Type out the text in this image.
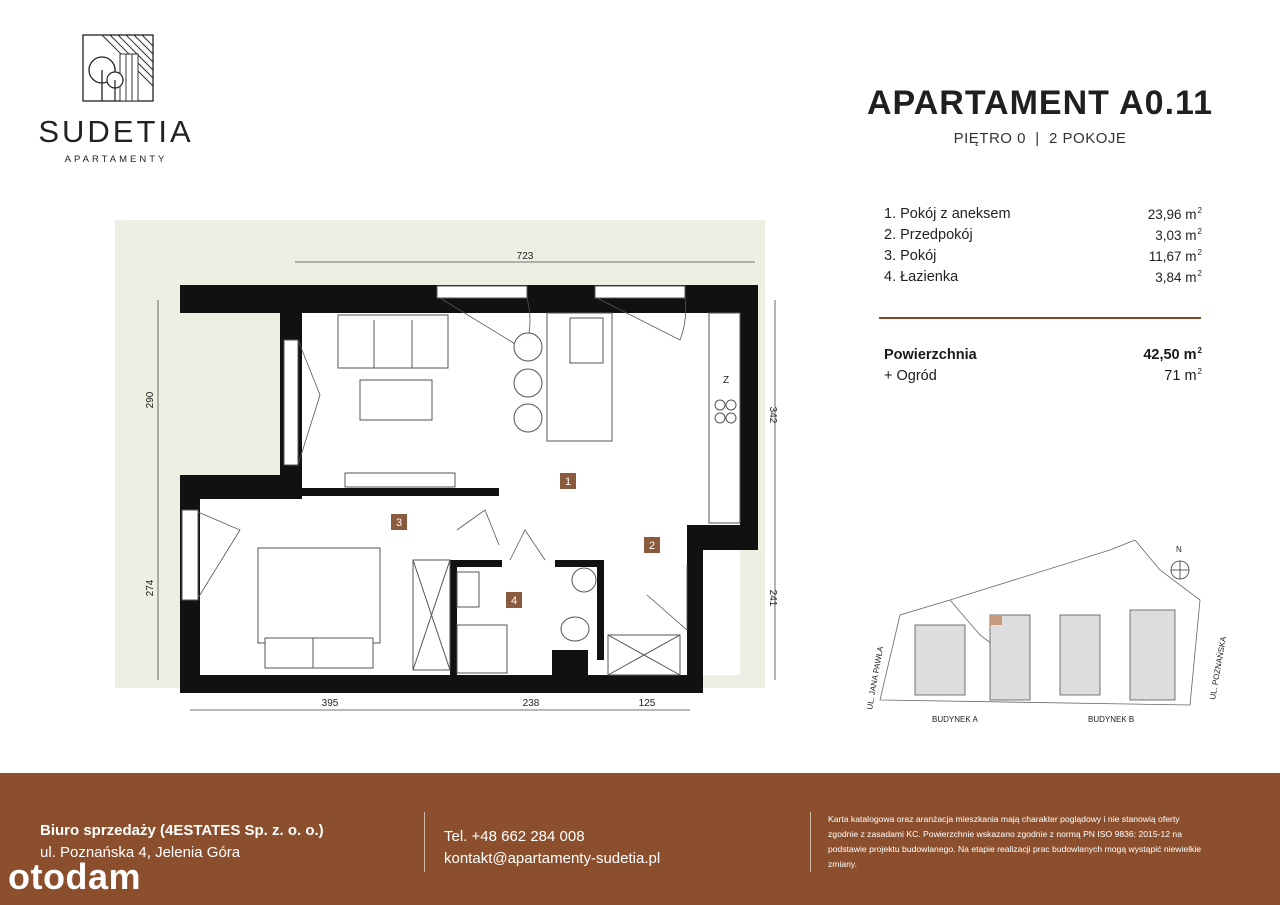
SUDETIA
APARTAMENTY
APARTAMENT A0.11
PIĘTRO 0  |  2 POKOJE
1. Pokój z aneksem	23,96 $m^2$
2. Przedpokój	3,03 $m^2$
3. Pokój	11,67 $m^2$
4. Łazienka	3,84 $m^2$
Powierzchnia	42,50 $m^2$
+ Ogród	71 $m^2$
Z
1
2
3
4
723
290
274
342
241
395	238	125
N
UL. JANA PAWŁA	UL. POZNAŃSKA
BUDYNEK A	BUDYNEK B
Biuro sprzedaży (4ESTATES Sp. z. o. o.)
ul. Poznańska 4, Jelenia Góra
Tel. +48 662 284 008
kontakt@apartamenty-sudetia.pl
Karta katalogowa oraz aranżacja mieszkania mają charakter poglądowy i nie stanowią oferty zgodnie z zasadami KC. Powierzchnie wskazano zgodnie z normą PN ISO 9836: 2015-12 na podstawie projektu budowlanego. Na etapie realizacji prac budowlanych mogą wystąpić niewielkie zmiany.
otodam
